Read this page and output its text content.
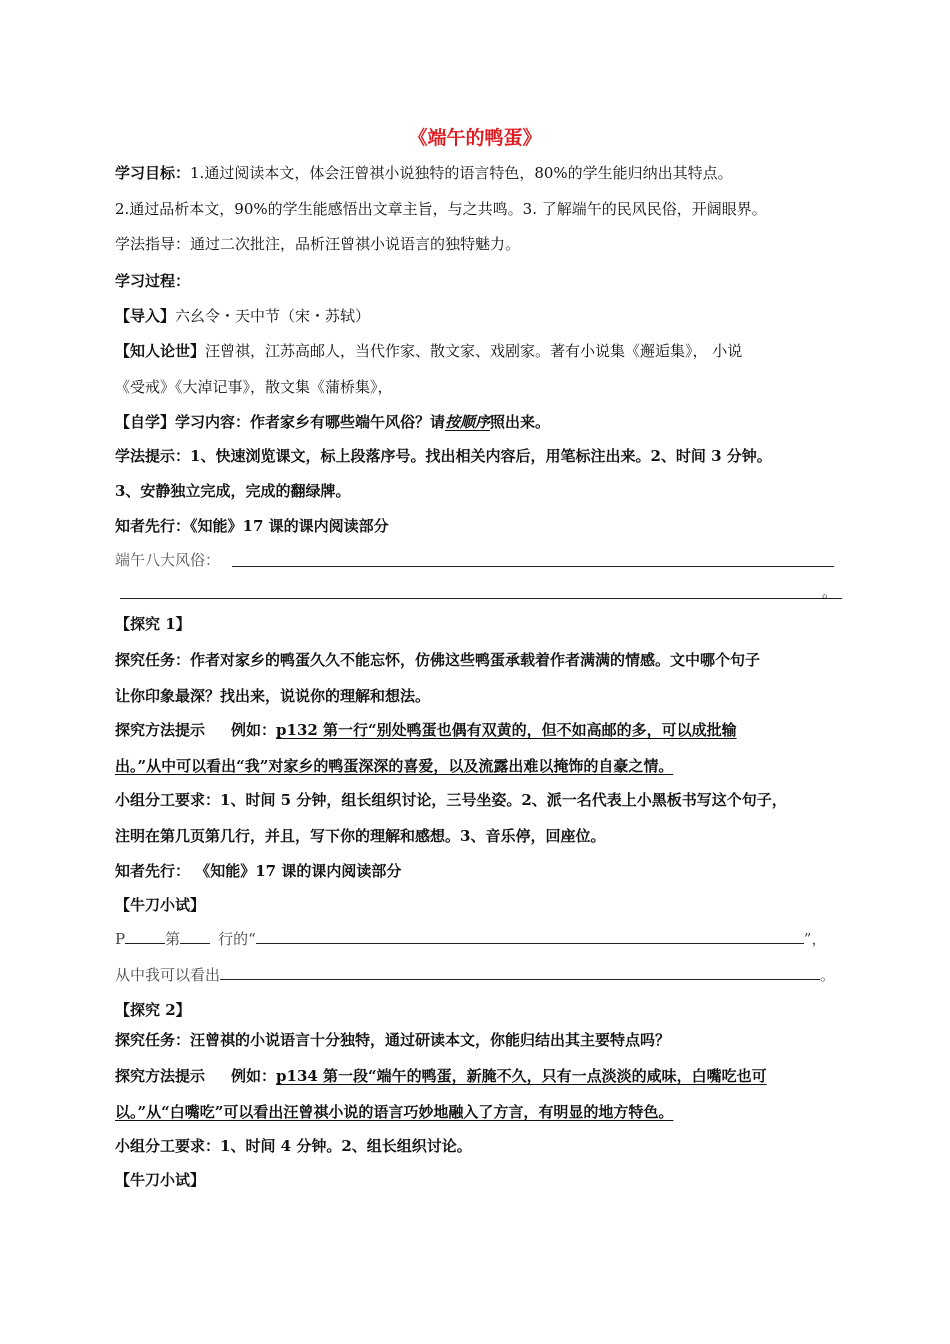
《端午的鸭蛋》
学习目标：1.通过阅读本文，体会汪曾祺小说独特的语言特色，80%的学生能归纳出其特点。
2.通过品析本文，90%的学生能感悟出文章主旨，与之共鸣。3. 了解端午的民风民俗，开阔眼界。
学法指导：通过二次批注，品析汪曾祺小说语言的独特魅力。
学习过程：
【导入】六幺令・天中节（宋・苏轼）
【知人论世】汪曾祺，江苏高邮人，当代作家、散文家、戏剧家。著有小说集《邂逅集》， 小说
《受戒》《大淖记事》，散文集《蒲桥集》，
【自学】学习内容：作者家乡有哪些端午风俗？请按顺序照出来。
学法提示：1、快速浏览课文，标上段落序号。找出相关内容后，用笔标注出来。2、时间 3 分钟。
3、安静独立完成，完成的翻绿牌。
知者先行：《知能》17 课的课内阅读部分
端午八大风俗：
。
【探究 1】
探究任务：作者对家乡的鸭蛋久久不能忘怀，仿佛这些鸭蛋承载着作者满满的情感。文中哪个句子
让你印象最深？找出来，说说你的理解和想法。
探究方法提示 例如：p132 第一行“别处鸭蛋也偶有双黄的，但不如高邮的多，可以成批输
出。”从中可以看出“我”对家乡的鸭蛋深深的喜爱，以及流露出难以掩饰的自豪之情。
小组分工要求：1、时间 5 分钟，组长组织讨论，三号坐姿。2、派一名代表上小黑板书写这个句子，
注明在第几页第几行，并且，写下你的理解和感想。3、音乐停，回座位。
知者先行： 《知能》17 课的课内阅读部分
【牛刀小试】
P	第	行的“	”，
从中我可以看出	。
【探究 2】
探究任务：汪曾祺的小说语言十分独特，通过研读本文，你能归结出其主要特点吗？
探究方法提示 例如：p134 第一段“端午的鸭蛋，新腌不久，只有一点淡淡的咸味，白嘴吃也可
以。”从“白嘴吃”可以看出汪曾祺小说的语言巧妙地融入了方言，有明显的地方特色。
小组分工要求：1、时间 4 分钟。2、组长组织讨论。
【牛刀小试】
